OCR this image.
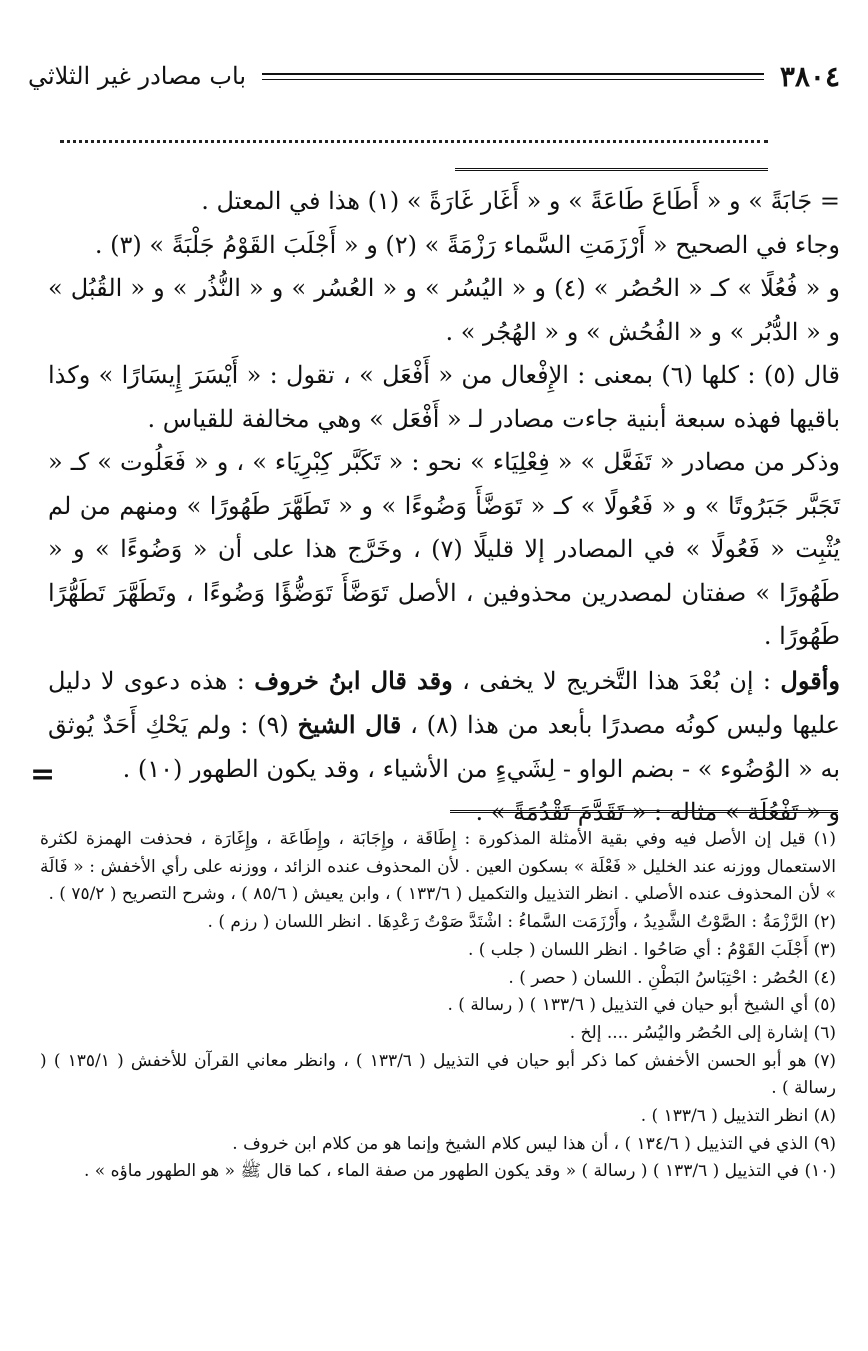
٣٨٠٤
باب مصادر غير الثلاثي
=

= جَابَةً » و « أَطَاعَ طَاعَةً » و « أَغَار غَارَةً » (١) هذا في المعتل .

وجاء في الصحيح « أَرْزَمَتِ السَّماء رَزْمَةً » (٢) و « أَجْلَبَ القَوْمُ جَلْبَةً » (٣) .

و « فُعُلًا » كـ « الحُصُر » (٤) و « اليُسُر » و « العُسُر » و « النُّذُر » و « القُبُل » و « الدُّبُر » و « الفُحُش » و « الهُجُر » .

قال (٥) : كلها (٦) بمعنى : الإِفْعال من « أَفْعَل » ، تقول : « أَيْسَرَ إِيسَارًا » وكذا باقيها فهذه سبعة أبنية جاءت مصادر لـ « أَفْعَل » وهي مخالفة للقياس .

وذكر من مصادر « تَفَعَّل » « فِعْلِيَاء » نحو : « تَكَبَّر كِبْرِيَاء » ، و « فَعَلُوت » كـ « تَجَبَّر جَبَرُوتًا » و « فَعُولًا » كـ « تَوَضَّأَ وَضُوءًا » و « تَطَهَّرَ طَهُورًا » ومنهم من لم يُثْبِت « فَعُولًا » في المصادر إلا قليلًا (٧) ، وخَرَّج هذا على أن « وَضُوءًا » و « طَهُورًا » صفتان لمصدرين محذوفين ، الأصل تَوَضَّأَ تَوَضُّؤًا وَضُوءًا ، وتَطَهَّرَ تَطَهُّرًا طَهُورًا .

وأقول : إن بُعْدَ هذا التَّخريج لا يخفى ، وقد قال ابنُ خروف : هذه دعوى لا دليل عليها وليس كونُه مصدرًا بأبعد من هذا (٨) ، قال الشيخ (٩) : ولم يَحْكِ أَحَدٌ يُوثق به « الوُضُوء » - بضم الواو - لِشَيءٍ من الأشياء ، وقد يكون الطهور (١٠) .

و « تَفْعُلَة » مثاله : « تَقَدَّمَ تَقْدُمَةً » .

(١) قيل إن الأصل فيه وفي بقية الأمثلة المذكورة : إِطَاقَة ، وإِجَابَة ، وإِطَاعَة ، وإِغَارَة ، فحذفت الهمزة لكثرة الاستعمال ووزنه عند الخليل « فَعْلَة » بسكون العين . لأن المحذوف عنده الزائد ، ووزنه على رأي الأخفش : « فَالَة » لأن المحذوف عنده الأصلي . انظر التذييل والتكميل ( ١٣٣/٦ ) ، وابن يعيش ( ٨٥/٦ ) ، وشرح التصريح ( ٧٥/٢ ) .

(٢) الرَّزْمَةُ : الصَّوْتُ الشَّدِيدُ ، وأَرْزَمَت السَّماءُ : اشْتَدَّ صَوْتُ رَعْدِهَا . انظر اللسان ( رزم ) .

(٣) أَجْلَبَ القَوْمُ : أي صَاحُوا . انظر اللسان ( جلب ) .

(٤) الحُصُر : احْتِبَاسُ البَطْنِ . اللسان ( حصر ) .

(٥) أي الشيخ أبو حيان في التذييل ( ١٣٣/٦ ) ( رسالة ) .

(٦) إشارة إلى الحُصُر واليُسُر .... إلخ .

(٧) هو أبو الحسن الأخفش كما ذكر أبو حيان في التذييل ( ١٣٣/٦ ) ، وانظر معاني القرآن للأخفش ( ١٣٥/١ ) ( رسالة ) .

(٨) انظر التذييل ( ١٣٣/٦ ) .

(٩) الذي في التذييل ( ١٣٤/٦ ) ، أن هذا ليس كلام الشيخ وإنما هو من كلام ابن خروف .

(١٠) في التذييل ( ١٣٣/٦ ) ( رسالة ) « وقد يكون الطهور من صفة الماء ، كما قال ﷺ « هو الطهور ماؤه » .
